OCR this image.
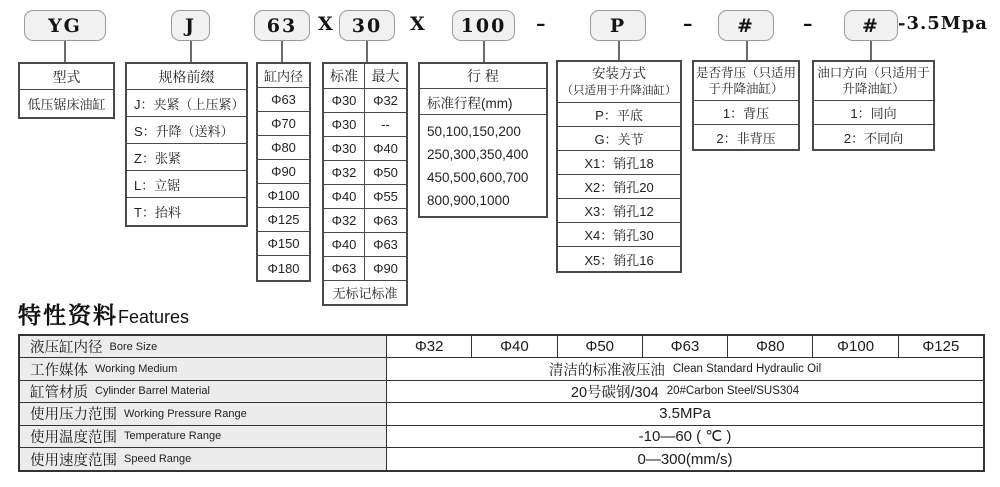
YG	J	63	X	30	X	100	–	P	–	#	–	#	-3.5Mpa
型式
低压锯床油缸
规格前缀
J：夹紧（上压紧）
S：升降（送料）
Z：张紧
L：立锯
T：抬料
缸内径
Φ63
Φ70
Φ80
Φ90
Φ100
Φ125
Φ150
Φ180
标准 最大
Φ30	Φ32
Φ30	--
Φ30	Φ40
Φ32	Φ50
Φ40	Φ55
Φ32	Φ63
Φ40	Φ63
Φ63	Φ90
无标记标准
行 程
标准行程(mm)
50,100,150,200
250,300,350,400
450,500,600,700
800,900,1000
安装方式
（只适用于升降油缸）
P：平底
G：关节
X1：销孔18
X2：销孔20
X3：销孔12
X4：销孔30
X5：销孔16
是否背压（只适用
于升降油缸）
1：背压
2：非背压
油口方向（只适用于
升降油缸）
1：同向
2：不同向
特性资料 Features
液压缸内径 Bore Size	Φ32	Φ40	Φ50	Φ63	Φ80	Φ100	Φ125
工作媒体 Working Medium	清洁的标准液压油 Clean Standard Hydraulic Oil
缸管材质 Cylinder Barrel Material	20号碳钢/304 20#Carbon Steel/SUS304
使用压力范围 Working Pressure Range	3.5MPa
使用温度范围 Temperature Range	-10—60 ( ℃ )
使用速度范围 Speed Range	0—300(mm/s)
